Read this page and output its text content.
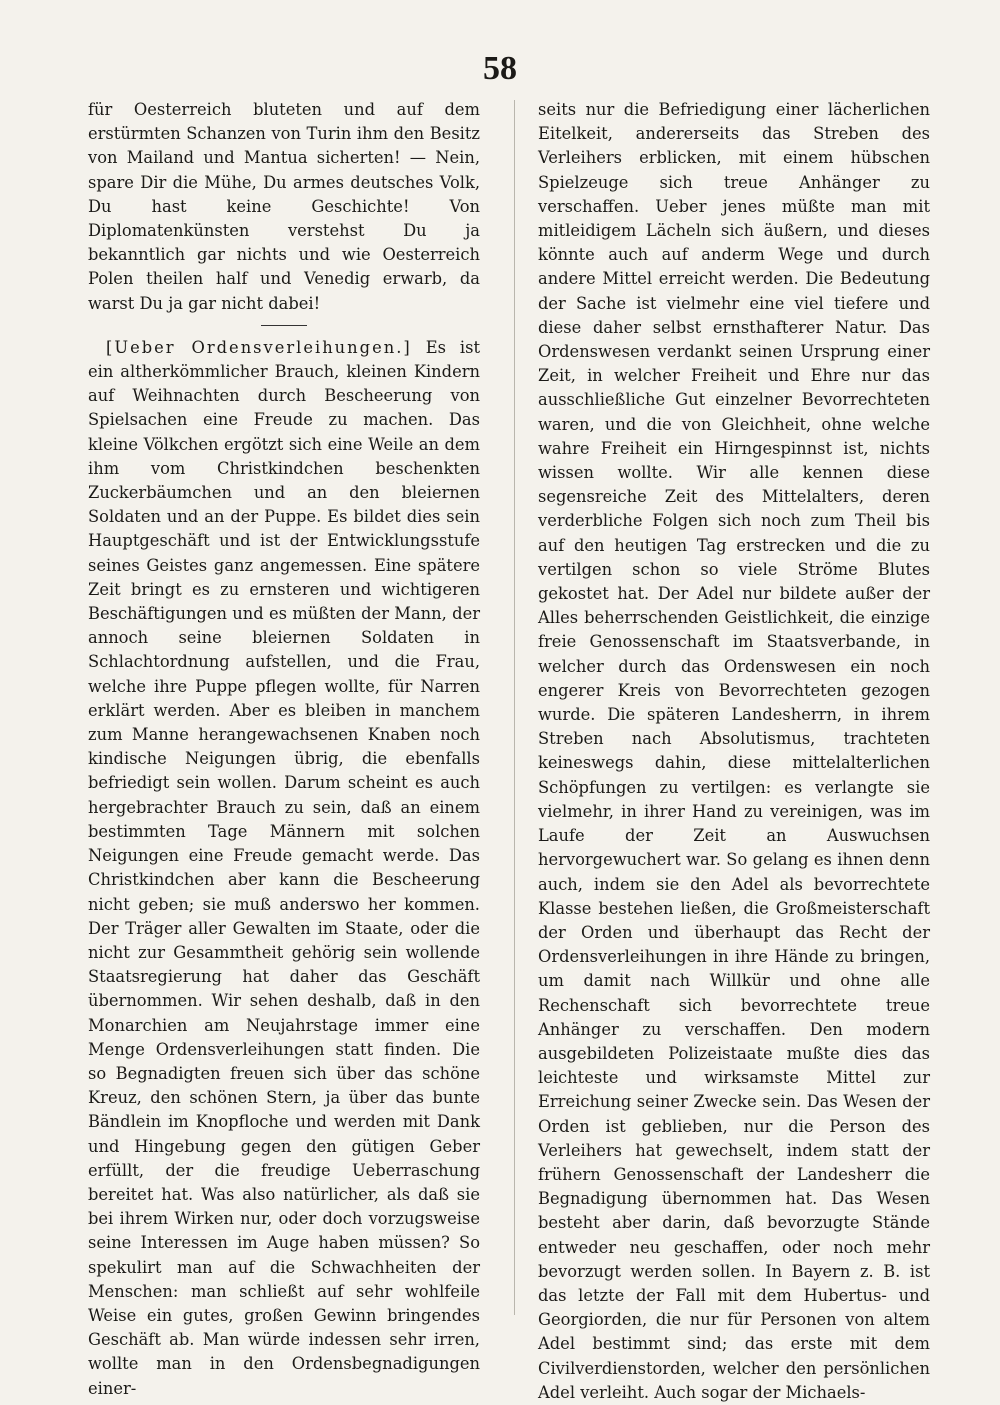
58

für Oesterreich bluteten und auf dem erstürmten Schanzen von Turin ihm den Besitz von Mailand und Mantua sicherten! — Nein, spare Dir die Mühe, Du armes deutsches Volk, Du hast keine Geschichte! Von Diplomatenkünsten verstehst Du ja bekanntlich gar nichts und wie Oesterreich Polen theilen half und Venedig erwarb, da warst Du ja gar nicht dabei!

[Ueber Ordensverleihungen.] Es ist ein altherkömmlicher Brauch, kleinen Kindern auf Weihnachten durch Bescheerung von Spielsachen eine Freude zu machen. Das kleine Völkchen ergötzt sich eine Weile an dem ihm vom Christkindchen beschenkten Zuckerbäumchen und an den bleiernen Soldaten und an der Puppe. Es bildet dies sein Hauptgeschäft und ist der Entwicklungsstufe seines Geistes ganz angemessen. Eine spätere Zeit bringt es zu ernsteren und wichtigeren Beschäftigungen und es müßten der Mann, der annoch seine bleiernen Soldaten in Schlachtordnung aufstellen, und die Frau, welche ihre Puppe pflegen wollte, für Narren erklärt werden. Aber es bleiben in manchem zum Manne herangewachsenen Knaben noch kindische Neigungen übrig, die ebenfalls befriedigt sein wollen. Darum scheint es auch hergebrachter Brauch zu sein, daß an einem bestimmten Tage Männern mit solchen Neigungen eine Freude gemacht werde. Das Christkindchen aber kann die Bescheerung nicht geben; sie muß anderswo her kommen. Der Träger aller Gewalten im Staate, oder die nicht zur Gesammtheit gehörig sein wollende Staatsregierung hat daher das Geschäft übernommen. Wir sehen deshalb, daß in den Monarchien am Neujahrstage immer eine Menge Ordensverleihungen statt finden. Die so Begnadigten freuen sich über das schöne Kreuz, den schönen Stern, ja über das bunte Bändlein im Knopfloche und werden mit Dank und Hingebung gegen den gütigen Geber erfüllt, der die freudige Ueberraschung bereitet hat. Was also natürlicher, als daß sie bei ihrem Wirken nur, oder doch vorzugsweise seine Interessen im Auge haben müssen? So spekulirt man auf die Schwachheiten der Menschen: man schließt auf sehr wohlfeile Weise ein gutes, großen Gewinn bringendes Geschäft ab. Man würde indessen sehr irren, wollte man in den Ordensbegnadigungen einer-

seits nur die Befriedigung einer lächerlichen Eitelkeit, andererseits das Streben des Verleihers erblicken, mit einem hübschen Spielzeuge sich treue Anhänger zu verschaffen. Ueber jenes müßte man mit mitleidigem Lächeln sich äußern, und dieses könnte auch auf anderm Wege und durch andere Mittel erreicht werden. Die Bedeutung der Sache ist vielmehr eine viel tiefere und diese daher selbst ernsthafterer Natur. Das Ordenswesen verdankt seinen Ursprung einer Zeit, in welcher Freiheit und Ehre nur das ausschließliche Gut einzelner Bevorrechteten waren, und die von Gleichheit, ohne welche wahre Freiheit ein Hirngespinnst ist, nichts wissen wollte. Wir alle kennen diese segensreiche Zeit des Mittelalters, deren verderbliche Folgen sich noch zum Theil bis auf den heutigen Tag erstrecken und die zu vertilgen schon so viele Ströme Blutes gekostet hat. Der Adel nur bildete außer der Alles beherrschenden Geistlichkeit, die einzige freie Genossenschaft im Staatsverbande, in welcher durch das Ordenswesen ein noch engerer Kreis von Bevorrechteten gezogen wurde. Die späteren Landesherrn, in ihrem Streben nach Absolutismus, trachteten keineswegs dahin, diese mittelalterlichen Schöpfungen zu vertilgen: es verlangte sie vielmehr, in ihrer Hand zu vereinigen, was im Laufe der Zeit an Auswuchsen hervorgewuchert war. So gelang es ihnen denn auch, indem sie den Adel als bevorrechtete Klasse bestehen ließen, die Großmeisterschaft der Orden und überhaupt das Recht der Ordensverleihungen in ihre Hände zu bringen, um damit nach Willkür und ohne alle Rechenschaft sich bevorrechtete treue Anhänger zu verschaffen. Den modern ausgebildeten Polizeistaate mußte dies das leichteste und wirksamste Mittel zur Erreichung seiner Zwecke sein. Das Wesen der Orden ist geblieben, nur die Person des Verleihers hat gewechselt, indem statt der frühern Genossenschaft der Landesherr die Begnadigung übernommen hat. Das Wesen besteht aber darin, daß bevorzugte Stände entweder neu geschaffen, oder noch mehr bevorzugt werden sollen. In Bayern z. B. ist das letzte der Fall mit dem Hubertus- und Georgiorden, die nur für Personen von altem Adel bestimmt sind; das erste mit dem Civilverdienstorden, welcher den persönlichen Adel verleiht. Auch sogar der Michaels-
